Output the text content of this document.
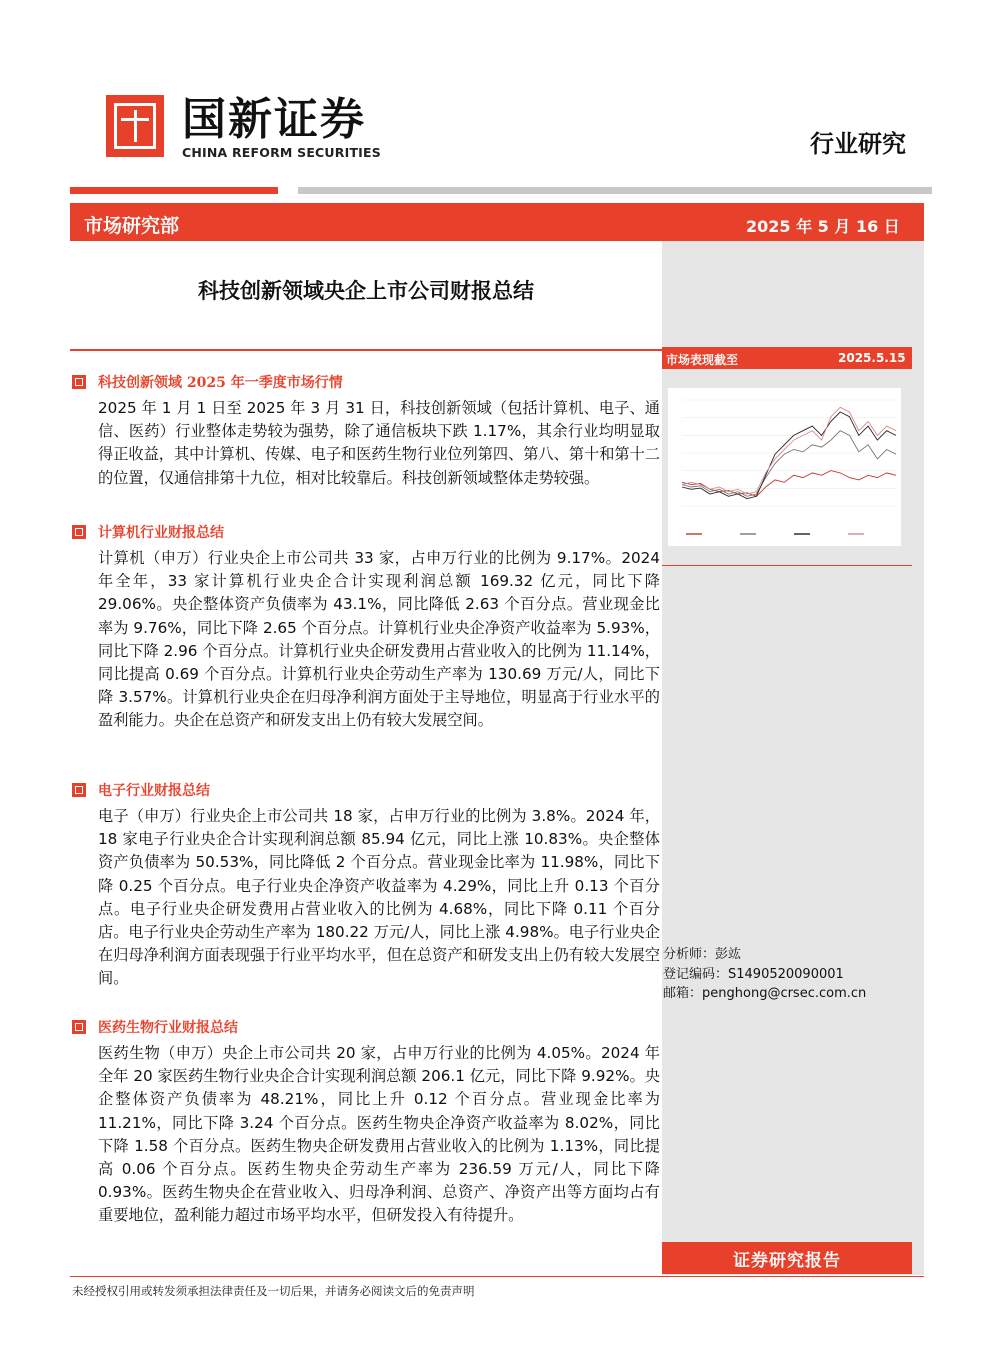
国新证券
CHINA REFORM SECURITIES	行业研究
市场研究部	2025 年 5 月 16 日
科技创新领域央企上市公司财报总结
市场表现截至	2025.5.15
分析师：彭竑
登记编码：S1490520090001
邮箱：penghong@crsec.com.cn
证券研究报告
科技创新领域 2025 年一季度市场行情
2025 年 1 月 1 日至 2025 年 3 月 31 日，科技创新领域（包括计算机、电子、通信、医药）行业整体走势较为强势，除了通信板块下跌 1.17%，其余行业均明显取得正收益，其中计算机、传媒、电子和医药生物行业位列第四、第八、第十和第十二的位置，仅通信排第十九位，相对比较靠后。科技创新领域整体走势较强。
计算机行业财报总结
计算机（申万）行业央企上市公司共 33 家，占申万行业的比例为 9.17%。2024 年全年，33 家计算机行业央企合计实现利润总额 169.32 亿元，同比下降 29.06%。央企整体资产负债率为 43.1%，同比降低 2.63 个百分点。营业现金比率为 9.76%，同比下降 2.65 个百分点。计算机行业央企净资产收益率为 5.93%，同比下降 2.96 个百分点。计算机行业央企研发费用占营业收入的比例为 11.14%，同比提高 0.69 个百分点。计算机行业央企劳动生产率为 130.69 万元/人，同比下降 3.57%。计算机行业央企在归母净利润方面处于主导地位，明显高于行业水平的盈利能力。央企在总资产和研发支出上仍有较大发展空间。
电子行业财报总结
电子（申万）行业央企上市公司共 18 家，占申万行业的比例为 3.8%。2024 年，18 家电子行业央企合计实现利润总额 85.94 亿元，同比上涨 10.83%。央企整体资产负债率为 50.53%，同比降低 2 个百分点。营业现金比率为 11.98%，同比下降 0.25 个百分点。电子行业央企净资产收益率为 4.29%，同比上升 0.13 个百分点。电子行业央企研发费用占营业收入的比例为 4.68%，同比下降 0.11 个百分店。电子行业央企劳动生产率为 180.22 万元/人，同比上涨 4.98%。电子行业央企在归母净利润方面表现强于行业平均水平，但在总资产和研发支出上仍有较大发展空间。
医药生物行业财报总结
医药生物（申万）央企上市公司共 20 家，占申万行业的比例为 4.05%。2024 年全年 20 家医药生物行业央企合计实现利润总额 206.1 亿元，同比下降 9.92%。央企整体资产负债率为 48.21%，同比上升 0.12 个百分点。营业现金比率为 11.21%，同比下降 3.24 个百分点。医药生物央企净资产收益率为 8.02%，同比下降 1.58 个百分点。医药生物央企研发费用占营业收入的比例为 1.13%，同比提高 0.06 个百分点。医药生物央企劳动生产率为 236.59 万元/人，同比下降 0.93%。医药生物央企在营业收入、归母净利润、总资产、净资产出等方面均占有重要地位，盈利能力超过市场平均水平，但研发投入有待提升。
未经授权引用或转发须承担法律责任及一切后果，并请务必阅读文后的免责声明
